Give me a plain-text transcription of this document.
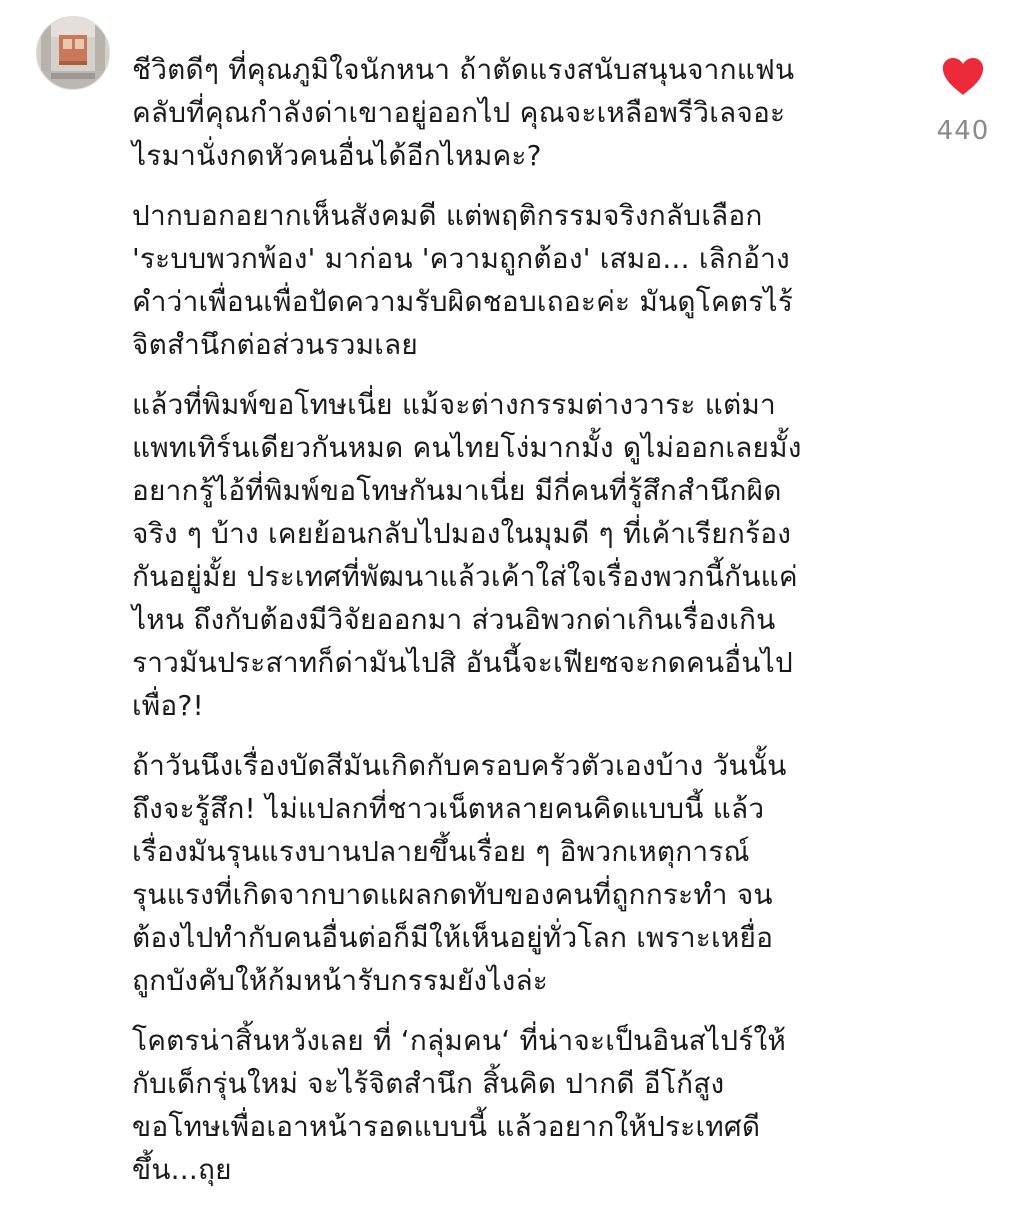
ชีวิตดีๆ ที่คุณภูมิใจนักหนา ถ้าตัดแรงสนับสนุนจากแฟน
คลับที่คุณกำลังด่าเขาอยู่ออกไป คุณจะเหลือพรีวิเลจอะ
ไรมานั่งกดหัวคนอื่นได้อีกไหมคะ?

ปากบอกอยากเห็นสังคมดี แต่พฤติกรรมจริงกลับเลือก
'ระบบพวกพ้อง' มาก่อน 'ความถูกต้อง' เสมอ... เลิกอ้าง
คำว่าเพื่อนเพื่อปัดความรับผิดชอบเถอะค่ะ มันดูโคตรไร้
จิตสำนึกต่อส่วนรวมเลย

แล้วที่พิมพ์ขอโทษเนี่ย แม้จะต่างกรรมต่างวาระ แต่มา
แพทเทิร์นเดียวกันหมด คนไทยโง่มากมั้ง ดูไม่ออกเลยมั้ง
อยากรู้ไอ้ที่พิมพ์ขอโทษกันมาเนี่ย มีกี่คนที่รู้สึกสำนึกผิด
จริง ๆ บ้าง เคยย้อนกลับไปมองในมุมดี ๆ ที่เค้าเรียกร้อง
กันอยู่มั้ย ประเทศที่พัฒนาแล้วเค้าใส่ใจเรื่องพวกนี้กันแค่
ไหน ถึงกับต้องมีวิจัยออกมา ส่วนอิพวกด่าเกินเรื่องเกิน
ราวมันประสาทก็ด่ามันไปสิ อันนี้จะเฟียซจะกดคนอื่นไป
เพื่อ?!

ถ้าวันนึงเรื่องบัดสีมันเกิดกับครอบครัวตัวเองบ้าง วันนั้น
ถึงจะรู้สึก! ไม่แปลกที่ชาวเน็ตหลายคนคิดแบบนี้ แล้ว
เรื่องมันรุนแรงบานปลายขึ้นเรื่อย ๆ อิพวกเหตุการณ์
รุนแรงที่เกิดจากบาดแผลกดทับของคนที่ถูกกระทำ จน
ต้องไปทำกับคนอื่นต่อก็มีให้เห็นอยู่ทั่วโลก เพราะเหยื่อ
ถูกบังคับให้ก้มหน้ารับกรรมยังไงล่ะ

โคตรน่าสิ้นหวังเลย ที่ ‘กลุ่มคน‘ ที่น่าจะเป็นอินสไปร์ให้
กับเด็กรุ่นใหม่ จะไร้จิตสำนึก สิ้นคิด ปากดี อีโก้สูง
ขอโทษเพื่อเอาหน้ารอดแบบนี้ แล้วอยากให้ประเทศดี
ขึ้น...ถุย

440
